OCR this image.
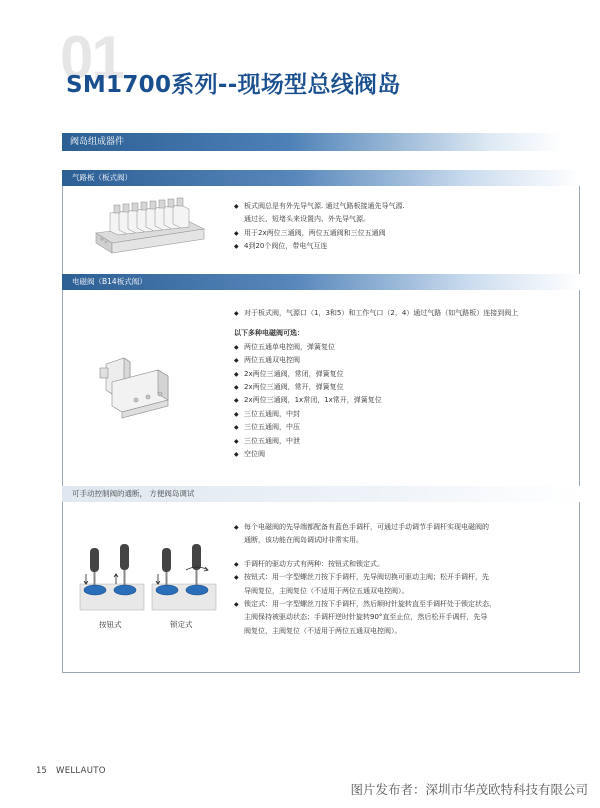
01
SM1700系列--现场型总线阀岛
阀岛组成器件
气路板（板式阀）
◆ 板式阀总是有外先导气源. 通过气路板接通先导气源.
通过长、短堵头来设置内、外先导气源。
◆ 用于2x两位三通阀，两位五通阀和三位五通阀
◆ 4到20个阀位，带电气互连
电磁阀（B14板式阀）
◆ 对于板式阀，气源口（1，3和5）和工作气口（2，4）通过气路（如气路板）连接到阀上
以下多种电磁阀可选：
◆ 两位五通单电控阀，弹簧复位
◆ 两位五通双电控阀
◆ 2x两位三通阀，常闭，弹簧复位
◆ 2x两位三通阀，常开，弹簧复位
◆ 2x两位三通阀，1x常闭，1x常开，弹簧复位
◆ 三位五通阀，中封
◆ 三位五通阀，中压
◆ 三位五通阀，中泄
◆ 空位阀
可手动控制阀的通断， 方便阀岛调试
按钮式	锁定式
◆ 每个电磁阀的先导端都配备有蓝色手调杆，可通过手动调节手调杆实现电磁阀的
通断，该功能在阀岛调试时非常实用。
◆ 手调杆的驱动方式有两种：按钮式和锁定式。
◆ 按钮式：用一字型螺丝刀按下手调杆，先导阀切换可驱动主阀；松开手调杆，先
导阀复位，主阀复位（不适用于两位五通双电控阀）。
◆ 锁定式：用一字型螺丝刀按下手调杆，然后顺时针旋转直至手调杆处于锁定状态，
主阀保持被驱动状态；手调杆逆时针旋转90°直至止位，然后松开手调杆，先导
阀复位，主阀复位（不适用于两位五通双电控阀）。
15 WELLAUTO
图片发布者：深圳市华茂欧特科技有限公司
